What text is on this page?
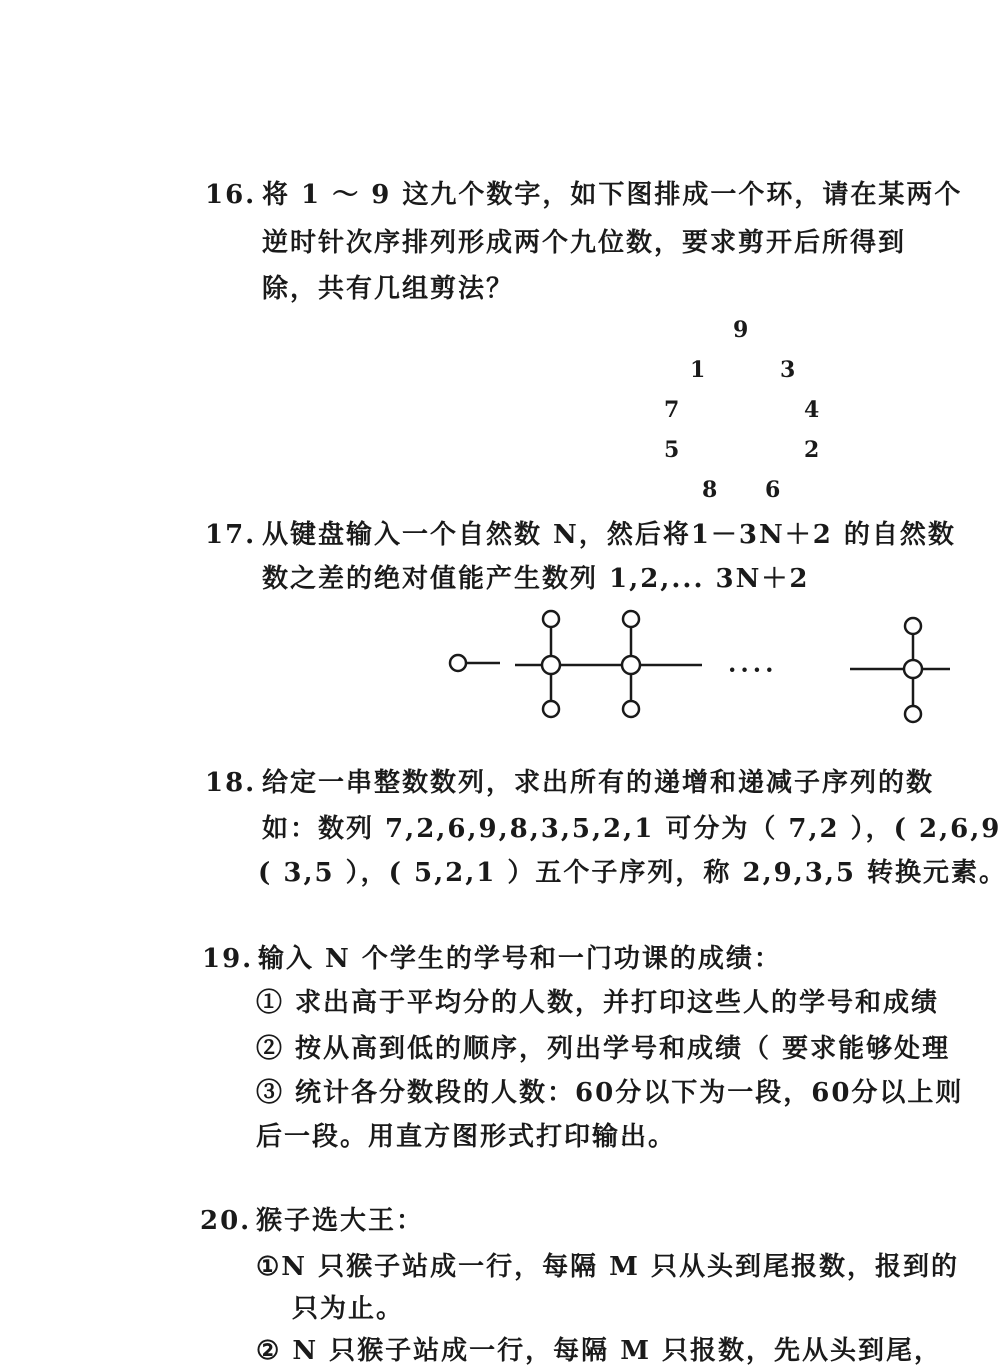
16. 将 1 ～ 9 这九个数字，如下图排成一个环，请在某两个
逆时针次序排列形成两个九位数，要求剪开后所得到
除，共有几组剪法？
9
1	3
7	4
5	2
8 6
17. 从键盘输入一个自然数 N，然后将1－3N＋2 的自然数
数之差的绝对值能产生数列 1,2,... 3N＋2
····
18. 给定一串整数数列，求出所有的递增和递减子序列的数
如：数列 7,2,6,9,8,3,5,2,1 可分为（ 7,2 ），( 2,6,9
( 3,5 ），( 5,2,1 ）五个子序列，称 2,9,3,5 转换元素。
19. 输入 N 个学生的学号和一门功课的成绩：
① 求出高于平均分的人数，并打印这些人的学号和成绩
② 按从高到低的顺序，列出学号和成绩（ 要求能够处理
③ 统计各分数段的人数：60分以下为一段，60分以上则
后一段。用直方图形式打印输出。
20. 猴子选大王：
①N 只猴子站成一行，每隔 M 只从头到尾报数，报到的
只为止。
② N 只猴子站成一行，每隔 M 只报数，先从头到尾，
